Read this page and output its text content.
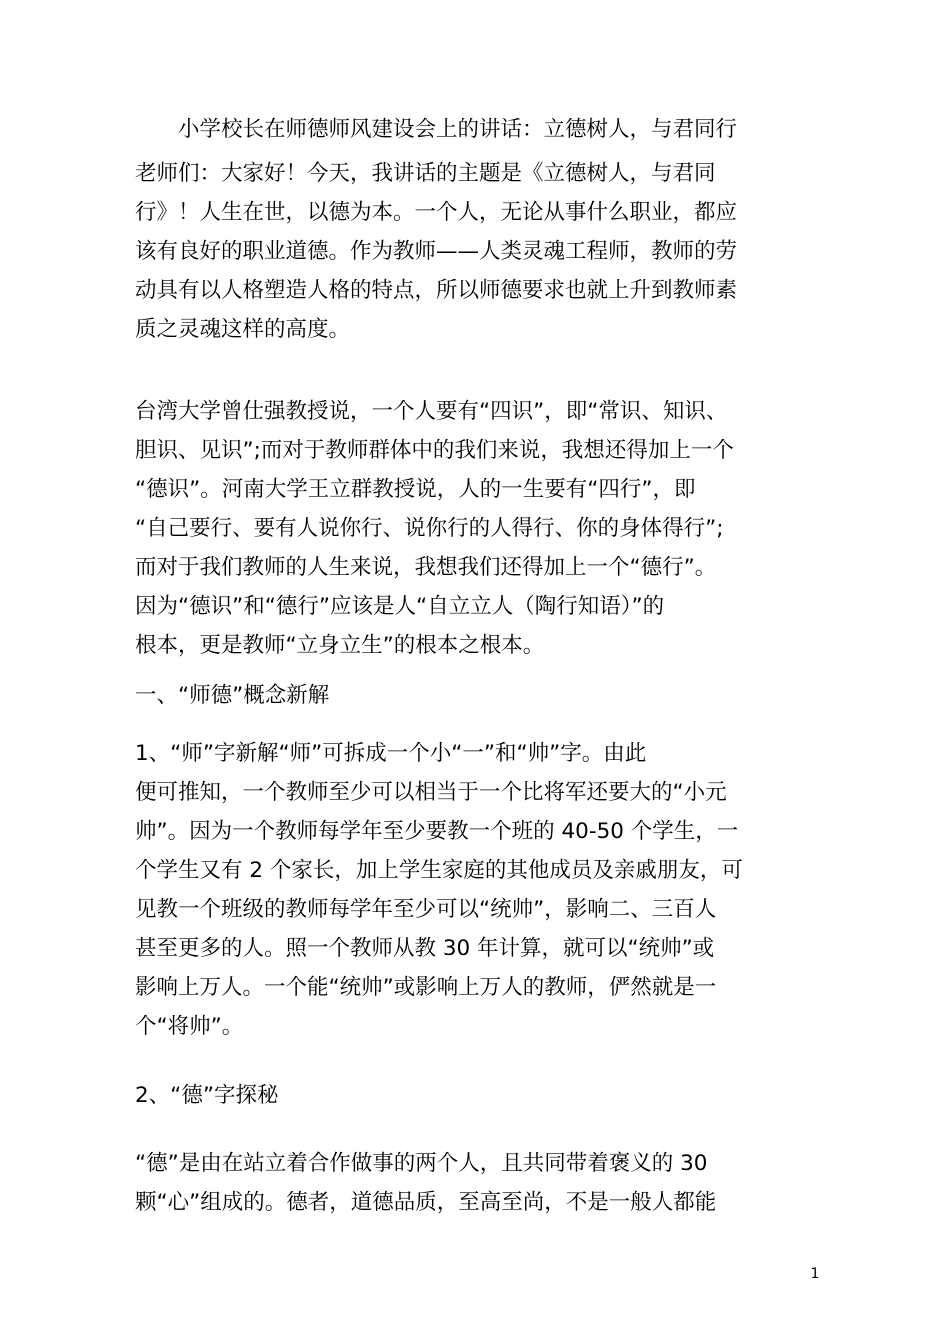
小学校长在师德师风建设会上的讲话：立德树人，与君同行
老师们：大家好！今天，我讲话的主题是《立德树人，与君同
行》！人生在世，以德为本。一个人，无论从事什么职业，都应
该有良好的职业道德。作为教师——人类灵魂工程师，教师的劳
动具有以人格塑造人格的特点，所以师德要求也就上升到教师素
质之灵魂这样的高度。
台湾大学曾仕强教授说，一个人要有“四识”，即“常识、知识、
胆识、见识”;而对于教师群体中的我们来说，我想还得加上一个
“德识”。河南大学王立群教授说，人的一生要有“四行”，即
“自己要行、要有人说你行、说你行的人得行、你的身体得行”;
而对于我们教师的人生来说，我想我们还得加上一个“德行”。
因为“德识”和“德行”应该是人“自立立人（陶行知语）”的
根本，更是教师“立身立生”的根本之根本。
一、“师德”概念新解
1、“师”字新解“师”可拆成一个小“一”和“帅”字。由此
便可推知，一个教师至少可以相当于一个比将军还要大的“小元
帅”。因为一个教师每学年至少要教一个班的 40-50 个学生，一
个学生又有 2 个家长，加上学生家庭的其他成员及亲戚朋友，可
见教一个班级的教师每学年至少可以“统帅”，影响二、三百人
甚至更多的人。照一个教师从教 30 年计算，就可以“统帅”或
影响上万人。一个能“统帅”或影响上万人的教师，俨然就是一
个“将帅”。
2、“德”字探秘
“德”是由在站立着合作做事的两个人，且共同带着褒义的 30
颗“心”组成的。德者，道德品质，至高至尚，不是一般人都能
1
